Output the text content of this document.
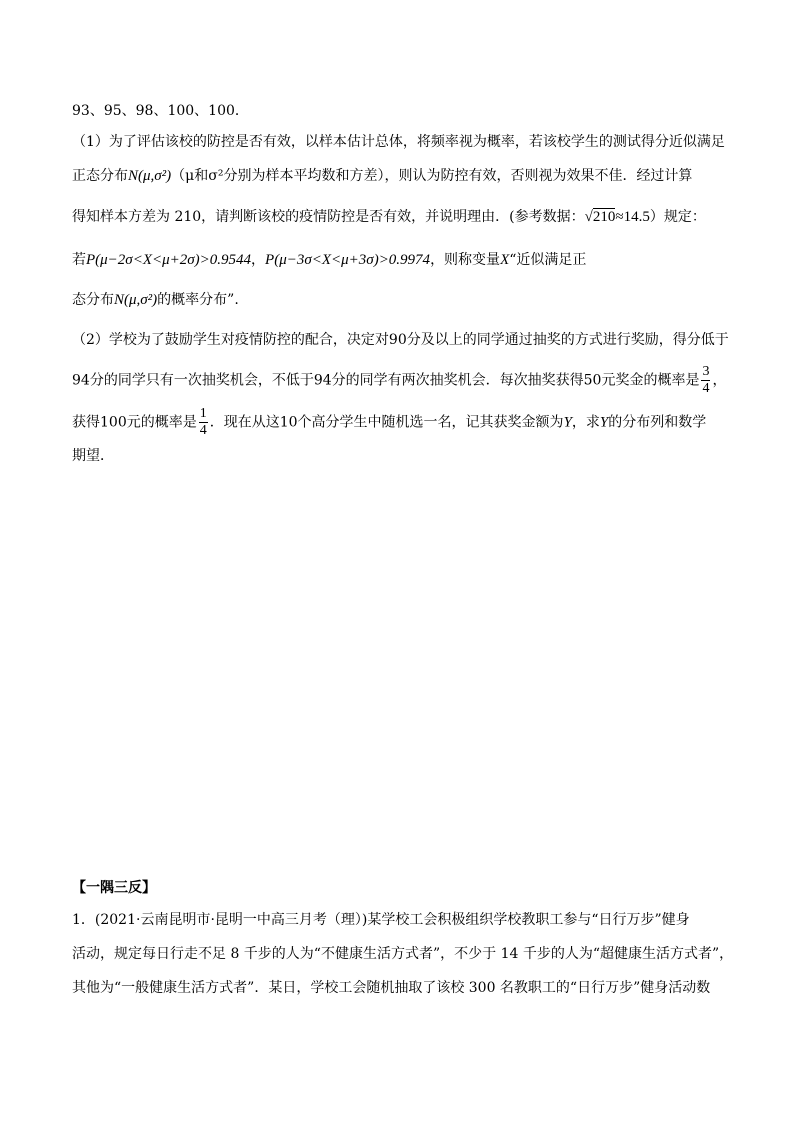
93、95、98、100、100．
（1）为了评估该校的防控是否有效，以样本估计总体，将频率视为概率，若该校学生的测试得分近似满足
正态分布N(μ,σ²)（μ和σ²分别为样本平均数和方差），则认为防控有效，否则视为效果不佳．经过计算
得知样本方差为 210，请判断该校的疫情防控是否有效，并说明理由．(参考数据：√210≈14.5）规定：
若P(μ−2σ<X<μ+2σ)>0.9544，P(μ−3σ<X<μ+3σ)>0.9974，则称变量X“近似满足正
态分布N(μ,σ²)的概率分布”.
（2）学校为了鼓励学生对疫情防控的配合，决定对90分及以上的同学通过抽奖的方式进行奖励，得分低于
94分的同学只有一次抽奖机会，不低于94分的同学有两次抽奖机会．每次抽奖获得50元奖金的概率是 $\frac{3}{4}$ ，
获得100元的概率是 $\frac{1}{4}$ ．现在从这10个高分学生中随机选一名，记其获奖金额为Y，求Y的分布列和数学
期望．
【一隅三反】
1．(2021·云南昆明市·昆明一中高三月考（理）)某学校工会积极组织学校教职工参与“日行万步”健身
活动，规定每日行走不足 8 千步的人为“不健康生活方式者”，不少于 14 千步的人为“超健康生活方式者”，
其他为“一般健康生活方式者”．某日，学校工会随机抽取了该校 300 名教职工的“日行万步”健身活动数
